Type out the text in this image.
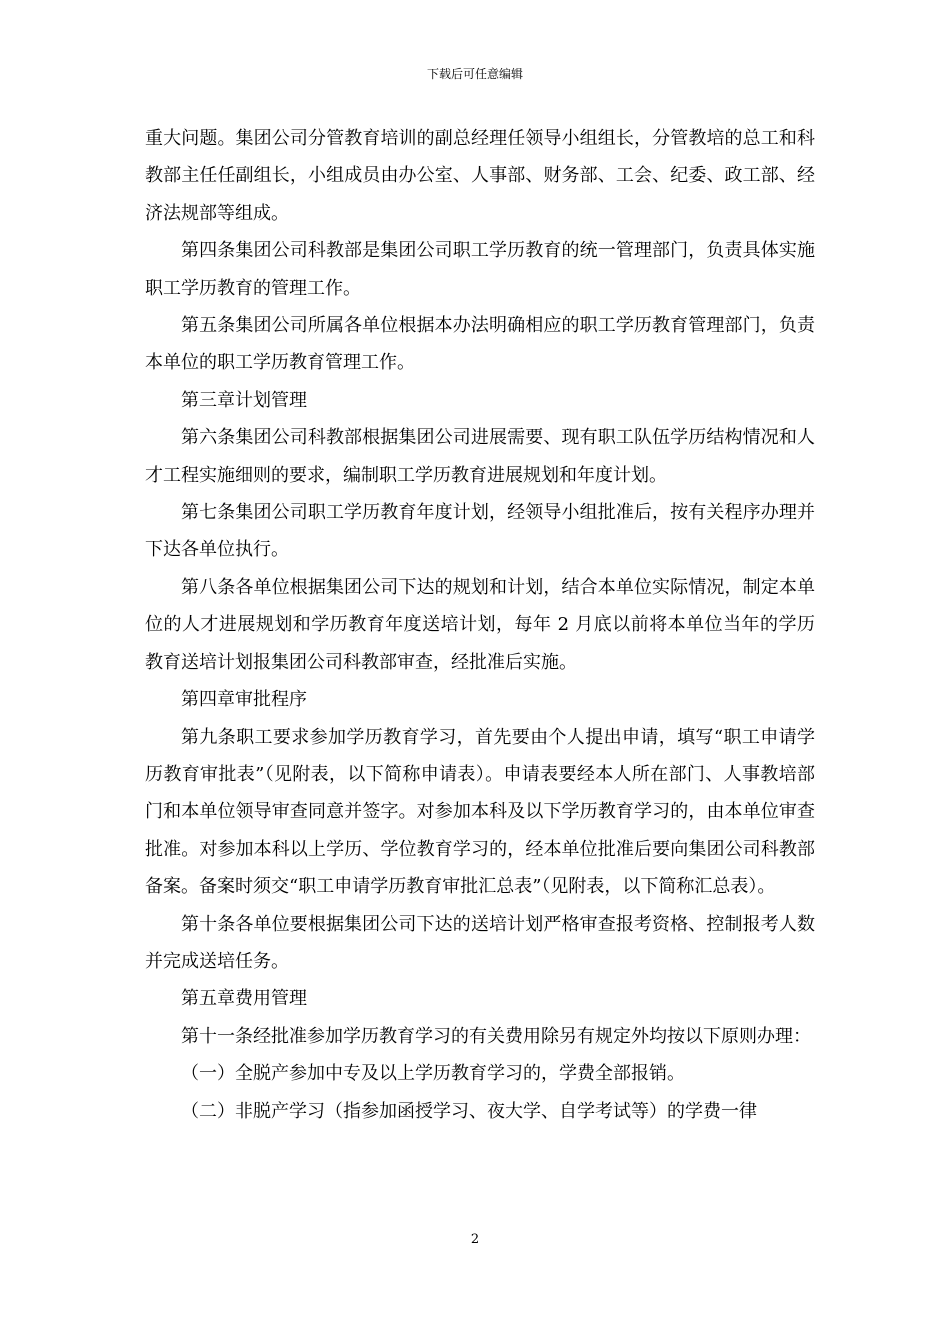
下载后可任意编辑

重大问题。集团公司分管教育培训的副总经理任领导小组组长，分管教培的总工和科教部主任任副组长，小组成员由办公室、人事部、财务部、工会、纪委、政工部、经济法规部等组成。

第四条集团公司科教部是集团公司职工学历教育的统一管理部门，负责具体实施职工学历教育的管理工作。

第五条集团公司所属各单位根据本办法明确相应的职工学历教育管理部门，负责本单位的职工学历教育管理工作。

第三章计划管理

第六条集团公司科教部根据集团公司进展需要、现有职工队伍学历结构情况和人才工程实施细则的要求，编制职工学历教育进展规划和年度计划。

第七条集团公司职工学历教育年度计划，经领导小组批准后，按有关程序办理并下达各单位执行。

第八条各单位根据集团公司下达的规划和计划，结合本单位实际情况，制定本单位的人才进展规划和学历教育年度送培计划，每年 2 月底以前将本单位当年的学历教育送培计划报集团公司科教部审查，经批准后实施。

第四章审批程序

第九条职工要求参加学历教育学习，首先要由个人提出申请，填写“职工申请学历教育审批表”（见附表，以下简称申请表）。申请表要经本人所在部门、人事教培部门和本单位领导审查同意并签字。对参加本科及以下学历教育学习的，由本单位审查批准。对参加本科以上学历、学位教育学习的，经本单位批准后要向集团公司科教部备案。备案时须交“职工申请学历教育审批汇总表”（见附表，以下简称汇总表）。

第十条各单位要根据集团公司下达的送培计划严格审查报考资格、控制报考人数并完成送培任务。

第五章费用管理

第十一条经批准参加学历教育学习的有关费用除另有规定外均按以下原则办理：

（一）全脱产参加中专及以上学历教育学习的，学费全部报销。

（二）非脱产学习（指参加函授学习、夜大学、自学考试等）的学费一律

2
